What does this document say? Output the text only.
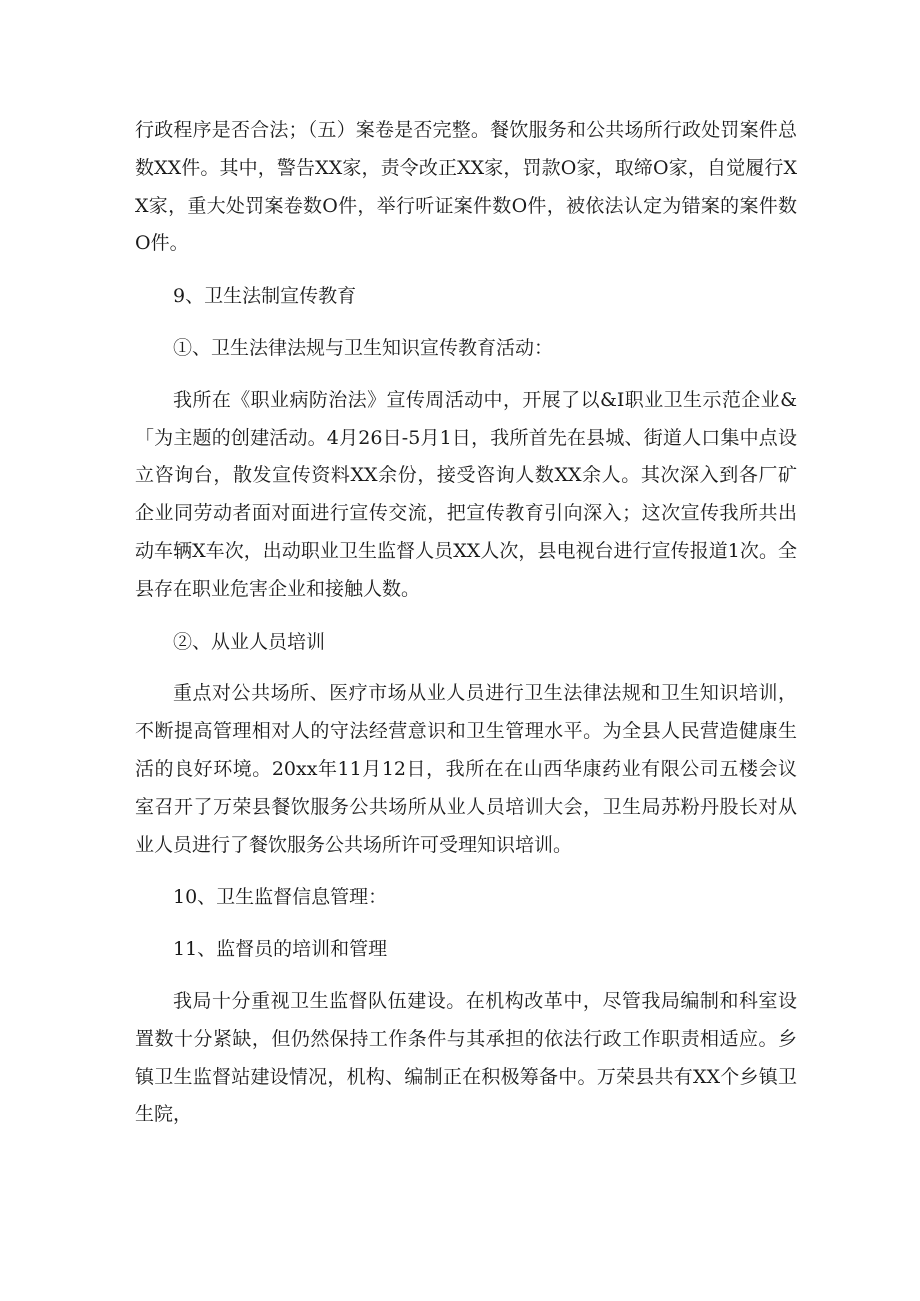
行政程序是否合法；（五）案卷是否完整。餐饮服务和公共场所行政处罚案件总数XX件。其中，警告XX家，责令改正XX家，罚款O家，取缔O家，自觉履行XX家，重大处罚案卷数O件，举行听证案件数O件，被依法认定为错案的案件数O件。

9、卫生法制宣传教育

①、卫生法律法规与卫生知识宣传教育活动：

我所在《职业病防治法》宣传周活动中，开展了以&I职业卫生示范企业&「为主题的创建活动。4月26日-5月1日，我所首先在县城、街道人口集中点设立咨询台，散发宣传资料XX余份，接受咨询人数XX余人。其次深入到各厂矿企业同劳动者面对面进行宣传交流，把宣传教育引向深入；这次宣传我所共出动车辆X车次，出动职业卫生监督人员XX人次，县电视台进行宣传报道1次。全县存在职业危害企业和接触人数。

②、从业人员培训

重点对公共场所、医疗市场从业人员进行卫生法律法规和卫生知识培训，不断提高管理相对人的守法经营意识和卫生管理水平。为全县人民营造健康生活的良好环境。20xx年11月12日，我所在在山西华康药业有限公司五楼会议室召开了万荣县餐饮服务公共场所从业人员培训大会，卫生局苏粉丹股长对从业人员进行了餐饮服务公共场所许可受理知识培训。

10、卫生监督信息管理：

11、监督员的培训和管理

我局十分重视卫生监督队伍建设。在机构改革中，尽管我局编制和科室设置数十分紧缺，但仍然保持工作条件与其承担的依法行政工作职责相适应。乡镇卫生监督站建设情况，机构、编制正在积极筹备中。万荣县共有XX个乡镇卫生院，
